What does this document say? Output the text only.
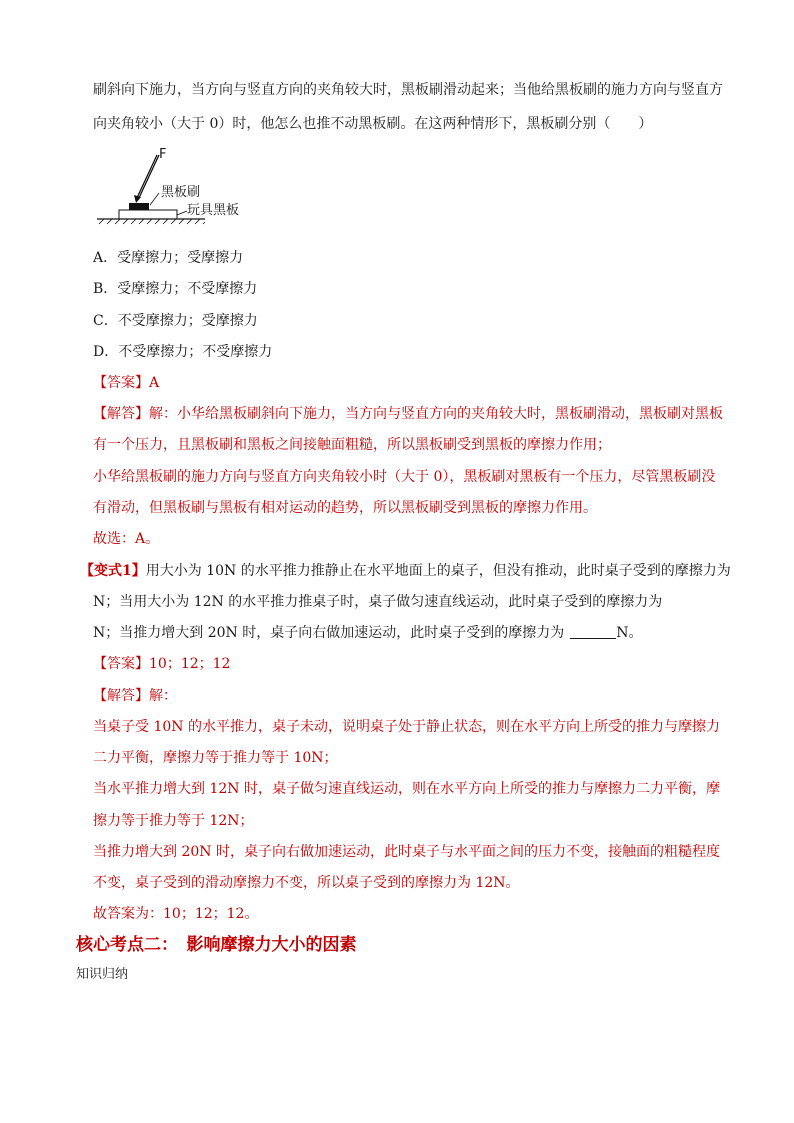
刷斜向下施力，当方向与竖直方向的夹角较大时，黑板刷滑动起来；当他给黑板刷的施力方向与竖直方
向夹角较小（大于 0）时，他怎么也推不动黑板刷。在这两种情形下，黑板刷分别（　　）
F
黑板刷
玩具黑板
A．受摩擦力；受摩擦力
B．受摩擦力；不受摩擦力
C．不受摩擦力；受摩擦力
D．不受摩擦力；不受摩擦力
【答案】A
【解答】解：小华给黑板刷斜向下施力，当方向与竖直方向的夹角较大时，黑板刷滑动，黑板刷对黑板
有一个压力，且黑板刷和黑板之间接触面粗糙，所以黑板刷受到黑板的摩擦力作用；
小华给黑板刷的施力方向与竖直方向夹角较小时（大于 0），黑板刷对黑板有一个压力，尽管黑板刷没
有滑动，但黑板刷与黑板有相对运动的趋势，所以黑板刷受到黑板的摩擦力作用。
故选：A。
【变式1】用大小为 10N 的水平推力推静止在水平地面上的桌子，但没有推动，此时桌子受到的摩擦力为
N；当用大小为 12N 的水平推力推桌子时，桌子做匀速直线运动，此时桌子受到的摩擦力为
N；当推力增大到 20N 时，桌子向右做加速运动，此时桌子受到的摩擦力为	N。
【答案】10；12；12
【解答】解：
当桌子受 10N 的水平推力，桌子未动，说明桌子处于静止状态，则在水平方向上所受的推力与摩擦力
二力平衡，摩擦力等于推力等于 10N；
当水平推力增大到 12N 时，桌子做匀速直线运动，则在水平方向上所受的推力与摩擦力二力平衡，摩
擦力等于推力等于 12N；
当推力增大到 20N 时，桌子向右做加速运动，此时桌子与水平面之间的压力不变，接触面的粗糙程度
不变，桌子受到的滑动摩擦力不变，所以桌子受到的摩擦力为 12N。
故答案为：10；12；12。
核心考点二：　影响摩擦力大小的因素
知识归纳
